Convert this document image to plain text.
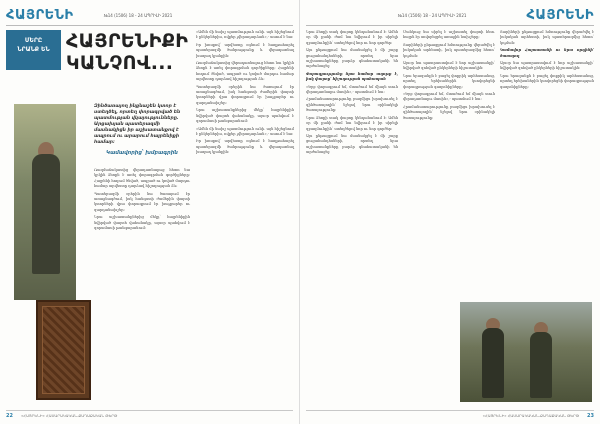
ՀԱՅՐԵՆԻ	№14 (1506) 18 - 24 ԱՊՐԻԼԻ 2021
ՄԵՐԸ
ՆՐԱՆՔ ԵՆ ՀԱՅՐԵՆԻՔԻ
ԿԱՆՉՈՎ...
Զինծառայող ինքնաշեն կտոր է ստեղծել, որտեղ փորագրված են պատմության վկայությունները. Արցախյան պատերազմի մասնակիցն իր աշխատանքով է ապրում ու արարում հայրենիքի համար։
Կամավորից՝ խմբագրին

Ռազմաճակատից վերադառնալուց հետո նա կրկին ձեռքն է առել փորագրման գործիքները։ Հայրենի հողում ծնված, ապրած ու կռված մարդու համար արվեստը դարձավ հիշողության ձև։

Պատերազմի օրերին նա ծառայում էր առաջնագծում, իսկ հանգստի ժամերին փայտի կտորների վրա փորագրում էր խաչքարեր ու զարդանախշեր։

Նրա աշխատանքներից մեկը՝ հայրենիքին նվիրված փայտե վահանակը, այսօր պահվում է զորամասի թանգարանում։

«Ամեն մի նախշ պատմություն ունի. այն հիշեցնում է ընկերներիս, ովքեր չվերադարձան»,- ասում է նա։

Իր խոսքով՝ արվեստը օգնում է հաղթահարել պատերազմի ծանրությունը և վերադառնալ խաղաղ կյանքին։

Ռազմաճակատից վերադառնալուց հետո նա կրկին ձեռքն է առել փորագրման գործիքները։ Հայրենի հողում ծնված, ապրած ու կռված մարդու համար արվեստը դարձավ հիշողության ձև։

Պատերազմի օրերին նա ծառայում էր առաջնագծում, իսկ հանգստի ժամերին փայտի կտորների վրա փորագրում էր խաչքարեր ու զարդանախշեր։

Նրա աշխատանքներից մեկը՝ հայրենիքին նվիրված փայտե վահանակը, այսօր պահվում է զորամասի թանգարանում։

«Ամեն մի նախշ պատմություն ունի. այն հիշեցնում է ընկերներիս, ովքեր չվերադարձան»,- ասում է նա։

Իր խոսքով՝ արվեստը օգնում է հաղթահարել պատերազմի ծանրությունը և վերադառնալ խաղաղ կյանքին։

22 «ՀԱՅՐԵՆԻ» ՀԱՍԱՐԱԿԱԿԱՆ-ՔԱՂԱՔԱԿԱՆ ԹԵՐԹ
№14 (1506) 18 - 24 ԱՊՐԻԼԻ 2021	ՀԱՅՐԵՆԻ

Նրա ձեռքի տակ փայտը կենդանանում է։ Ամեն օր մի քանի ժամ նա նվիրում է իր սիրելի զբաղմունքին՝ ստեղծելով նոր ու նոր գործեր։

Այս ընթացքում նա մասնակցել է մի շարք ցուցահանդեսների, որտեղ նրա աշխատանքները բարձր գնահատականի են արժանացել։

Փորագրությունը նրա համար աղոթք է, իսկ փայտը՝ հիշողության պահապան

«Երբ փորագրում եմ, մտածում եմ միայն տուն վերադառնալու մասին»,- պատմում է նա։

Հրամանատարությունը բազմիցս խրախուսել է զինծառայողին՝ նշելով նրա օրինակելի ծառայությունը։

Նրա ձեռքի տակ փայտը կենդանանում է։ Ամեն օր մի քանի ժամ նա նվիրում է իր սիրելի զբաղմունքին՝ ստեղծելով նոր ու նոր գործեր։

Այս ընթացքում նա մասնակցել է մի շարք ցուցահանդեսների, որտեղ նրա աշխատանքները բարձր գնահատականի են արժանացել։

Մանկուց նա սիրել է աշխատել փայտի հետ. հայրն էր սովորեցրել առաջին նախշերը։

Տարիների ընթացքում հմտությունը վերածվել է իսկական արհեստի, իսկ պատերազմից հետո՝ կոչման։

Այսօր նա պատրաստվում է նոր աշխատանքի՝ նվիրված զոհված ընկերների հիշատակին։

Նրա երազանքն է բացել փոքրիկ արհեստանոց, որտեղ երեխաներին կսովորեցնի փորագրության գաղտնիքները։

«Երբ փորագրում եմ, մտածում եմ միայն տուն վերադառնալու մասին»,- պատմում է նա։

Հրամանատարությունը բազմիցս խրախուսել է զինծառայողին՝ նշելով նրա օրինակելի ծառայությունը։

Տարիների ընթացքում հմտությունը վերածվել է իսկական արհեստի, իսկ պատերազմից հետո՝ կոչման։

Կամավոր Հայաստանի ու նրա որդինի՝ ծառայող

Այսօր նա պատրաստվում է նոր աշխատանքի՝ նվիրված զոհված ընկերների հիշատակին։

Նրա երազանքն է բացել փոքրիկ արհեստանոց, որտեղ երեխաներին կսովորեցնի փորագրության գաղտնիքները։

«ՀԱՅՐԵՆԻ» ՀԱՍԱՐԱԿԱԿԱՆ-ՔԱՂԱՔԱԿԱՆ ԹԵՐԹ 23
